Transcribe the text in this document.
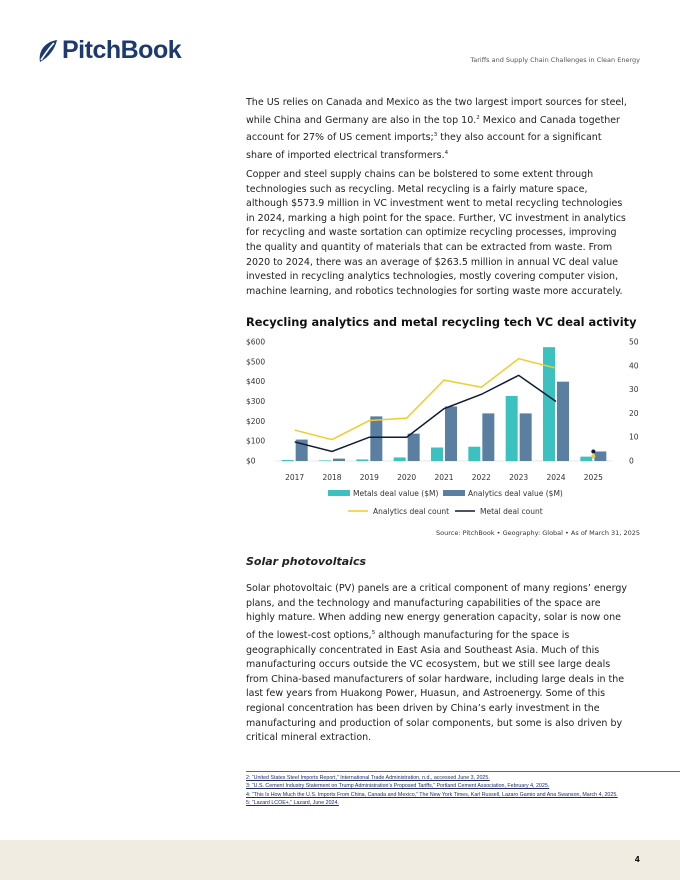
PitchBook	Tariffs and Supply Chain Challenges in Clean Energy

The US relies on Canada and Mexico as the two largest import sources for steel, while China and Germany are also in the top 10.$^2$ Mexico and Canada together account for 27% of US cement imports;$^3$ they also account for a significant share of imported electrical transformers.$^4$

Copper and steel supply chains can be bolstered to some extent through technologies such as recycling. Metal recycling is a fairly mature space, although $573.9 million in VC investment went to metal recycling technologies in 2024, marking a high point for the space. Further, VC investment in analytics for recycling and waste sortation can optimize recycling processes, improving the quality and quantity of materials that can be extracted from waste. From 2020 to 2024, there was an average of $263.5 million in annual VC deal value invested in recycling analytics technologies, mostly covering computer vision, machine learning, and robotics technologies for sorting waste more accurately.

Recycling analytics and metal recycling tech VC deal activity
$0
$100
$200
$300
$400
$500
$600
0
10
20
30
40
50
2017 2018 2019 2020 2021 2022 2023 2024 2025
Metals deal value ($M)	Analytics deal value ($M)
Analytics deal count	Metal deal count
Source: PitchBook • Geography: Global • As of March 31, 2025
Solar photovoltaics

Solar photovoltaic (PV) panels are a critical component of many regions’ energy plans, and the technology and manufacturing capabilities of the space are highly mature. When adding new energy generation capacity, solar is now one of the lowest-cost options,$^5$ although manufacturing for the space is geographically concentrated in East Asia and Southeast Asia. Much of this manufacturing occurs outside the VC ecosystem, but we still see large deals from China-based manufacturers of solar hardware, including large deals in the last few years from Huakong Power, Huasun, and Astroenergy. Some of this regional concentration has been driven by China’s early investment in the manufacturing and production of solar components, but some is also driven by critical mineral extraction.

2: “United States Steel Imports Report,” International Trade Administration, n.d., accessed June 3, 2025.
3: “U.S. Cement Industry Statement on Trump Administration’s Proposed Tariffs,” Portland Cement Association, February 4, 2025.
4: “This Is How Much the U.S. Imports From China, Canada and Mexico,” The New York Times, Karl Russell, Lazaro Gamio and Ana Swanson, March 4, 2025.
5: “Lazard LCOE+,” Lazard, June 2024.
4
